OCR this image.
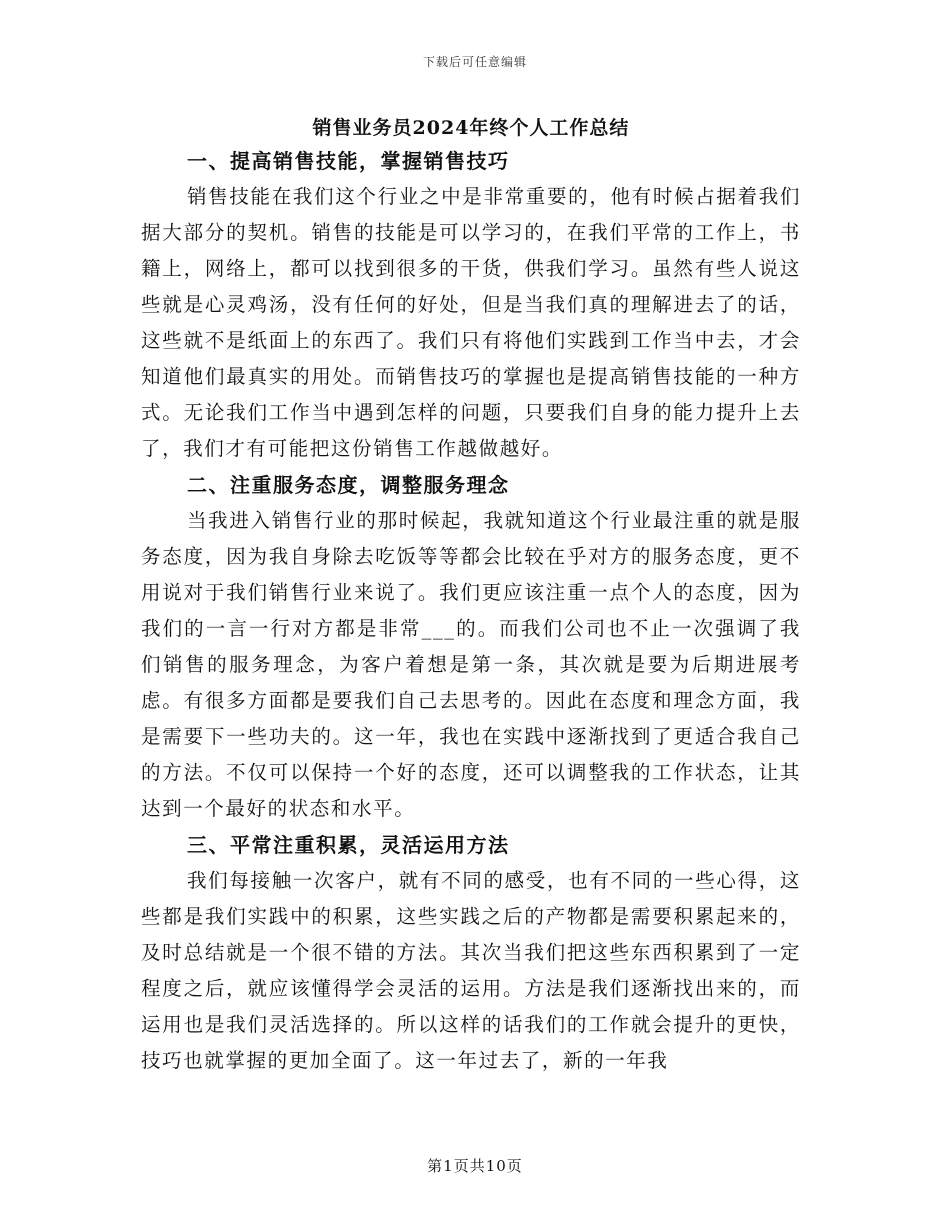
下载后可任意编辑
销售业务员2024年终个人工作总结
一、提高销售技能，掌握销售技巧

销售技能在我们这个行业之中是非常重要的，他有时候占据着我们据大部分的契机。销售的技能是可以学习的，在我们平常的工作上，书籍上，网络上，都可以找到很多的干货，供我们学习。虽然有些人说这些就是心灵鸡汤，没有任何的好处，但是当我们真的理解进去了的话，这些就不是纸面上的东西了。我们只有将他们实践到工作当中去，才会知道他们最真实的用处。而销售技巧的掌握也是提高销售技能的一种方式。无论我们工作当中遇到怎样的问题，只要我们自身的能力提升上去了，我们才有可能把这份销售工作越做越好。

二、注重服务态度，调整服务理念

当我进入销售行业的那时候起，我就知道这个行业最注重的就是服务态度，因为我自身除去吃饭等等都会比较在乎对方的服务态度，更不用说对于我们销售行业来说了。我们更应该注重一点个人的态度，因为我们的一言一行对方都是非常___的。而我们公司也不止一次强调了我们销售的服务理念，为客户着想是第一条，其次就是要为后期进展考虑。有很多方面都是要我们自己去思考的。因此在态度和理念方面，我是需要下一些功夫的。这一年，我也在实践中逐渐找到了更适合我自己的方法。不仅可以保持一个好的态度，还可以调整我的工作状态，让其达到一个最好的状态和水平。

三、平常注重积累，灵活运用方法

我们每接触一次客户，就有不同的感受，也有不同的一些心得，这些都是我们实践中的积累，这些实践之后的产物都是需要积累起来的，及时总结就是一个很不错的方法。其次当我们把这些东西积累到了一定程度之后，就应该懂得学会灵活的运用。方法是我们逐渐找出来的，而运用也是我们灵活选择的。所以这样的话我们的工作就会提升的更快，技巧也就掌握的更加全面了。这一年过去了，新的一年我

第1页共10页
